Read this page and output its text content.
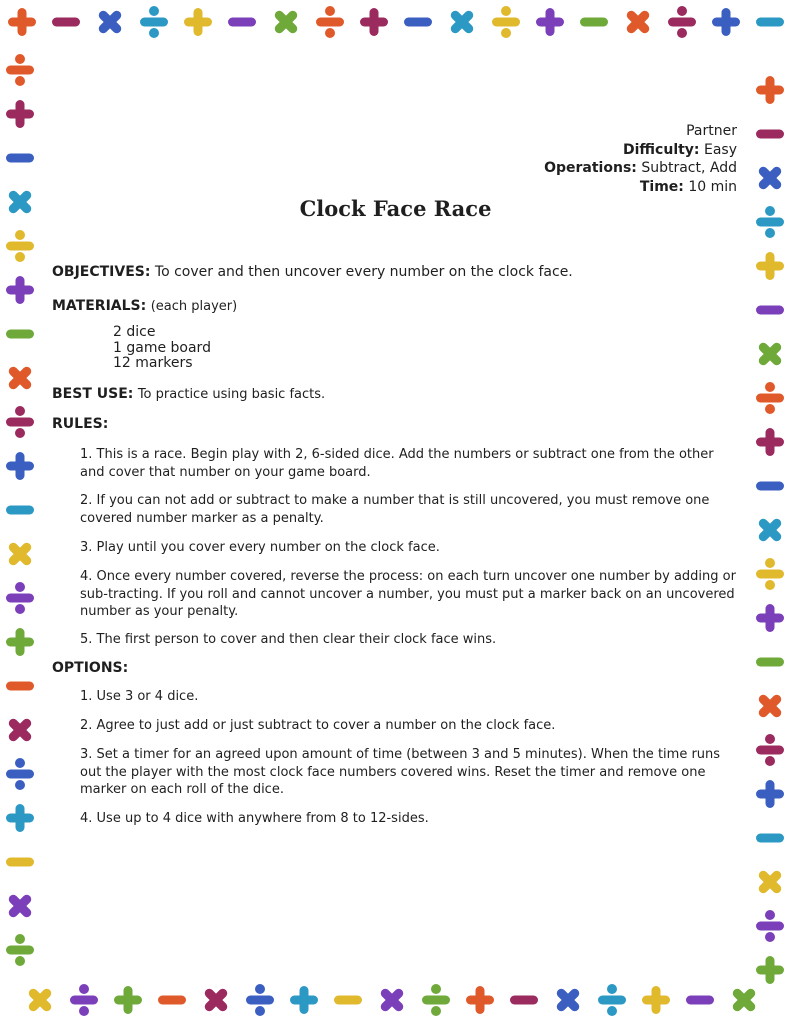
Partner
Difficulty: Easy
Operations: Subtract, Add
Time: 10 min
Clock Face Race
OBJECTIVES: To cover and then uncover every number on the clock face.
MATERIALS: (each player)
2 dice
1 game board
12 markers
BEST USE: To practice using basic facts.
RULES:
1. This is a race. Begin play with 2, 6-sided dice. Add the numbers or subtract one from the other and cover that number on your game board.
2. If you can not add or subtract to make a number that is still uncovered, you must remove one covered number marker as a penalty.
3. Play until you cover every number on the clock face.
4. Once every number covered, reverse the process: on each turn uncover one number by adding or sub-tracting. If you roll and cannot uncover a number, you must put a marker back on an uncovered number as your penalty.
5. The first person to cover and then clear their clock face wins.
OPTIONS:
1. Use 3 or 4 dice.
2. Agree to just add or just subtract to cover a number on the clock face.
3. Set a timer for an agreed upon amount of time (between 3 and 5 minutes). When the time runs out the player with the most clock face numbers covered wins. Reset the timer and remove one marker on each roll of the dice.
4. Use up to 4 dice with anywhere from 8 to 12-sides.
